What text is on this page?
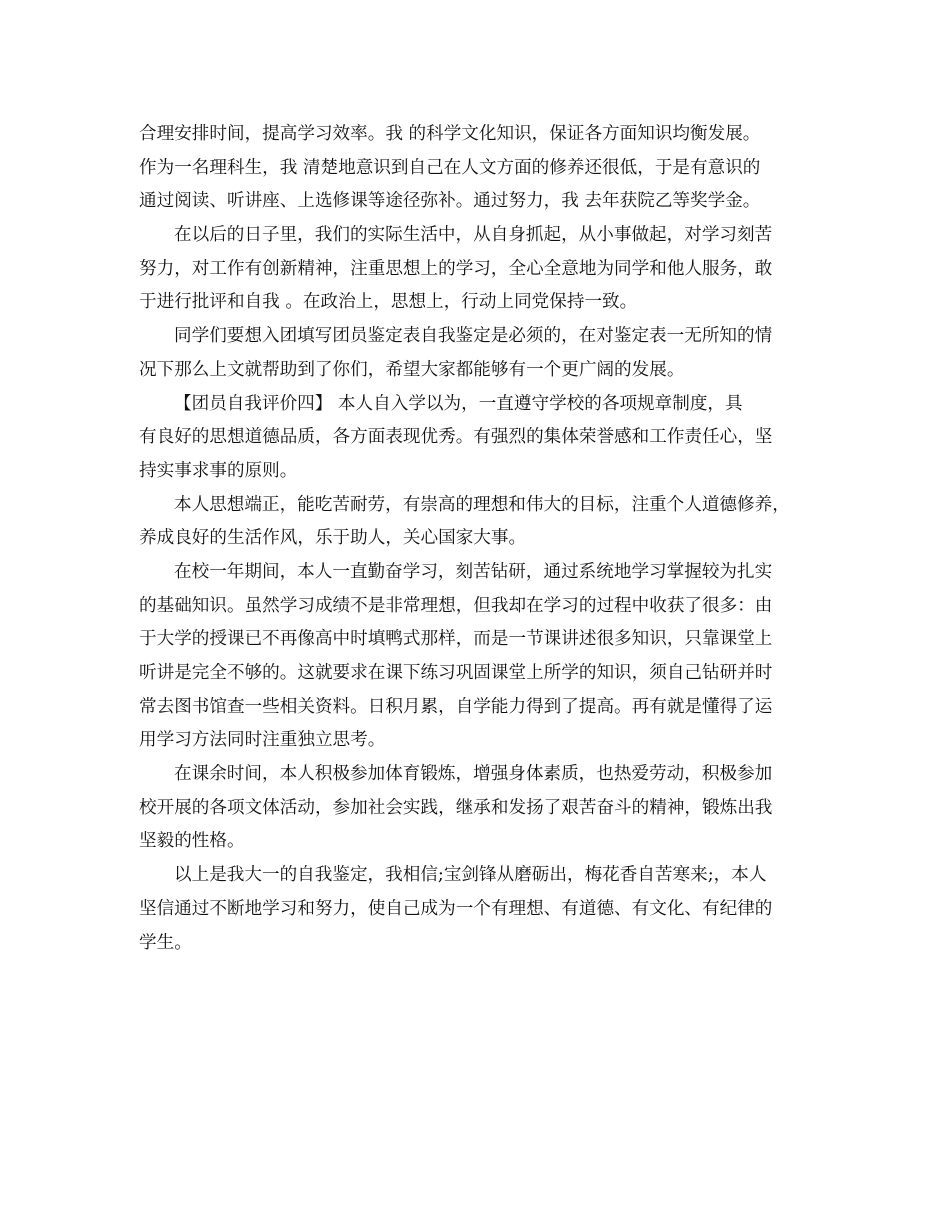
合理安排时间，提高学习效率。我 的科学文化知识，保证各方面知识均衡发展。
作为一名理科生，我 清楚地意识到自己在人文方面的修养还很低，于是有意识的
通过阅读、听讲座、上选修课等途径弥补。通过努力，我 去年获院乙等奖学金。
在以后的日子里，我们的实际生活中，从自身抓起，从小事做起，对学习刻苦
努力，对工作有创新精神，注重思想上的学习，全心全意地为同学和他人服务，敢
于进行批评和自我 。在政治上，思想上，行动上同党保持一致。
同学们要想入团填写团员鉴定表自我鉴定是必须的，在对鉴定表一无所知的情
况下那么上文就帮助到了你们，希望大家都能够有一个更广阔的发展。
【团员自我评价四】 本人自入学以为，一直遵守学校的各项规章制度，具
有良好的思想道德品质，各方面表现优秀。有强烈的集体荣誉感和工作责任心，坚
持实事求事的原则。
本人思想端正，能吃苦耐劳，有崇高的理想和伟大的目标，注重个人道德修养，
养成良好的生活作风，乐于助人，关心国家大事。
在校一年期间，本人一直勤奋学习，刻苦钻研，通过系统地学习掌握较为扎实
的基础知识。虽然学习成绩不是非常理想，但我却在学习的过程中收获了很多：由
于大学的授课已不再像高中时填鸭式那样，而是一节课讲述很多知识，只靠课堂上
听讲是完全不够的。这就要求在课下练习巩固课堂上所学的知识，须自己钻研并时
常去图书馆查一些相关资料。日积月累，自学能力得到了提高。再有就是懂得了运
用学习方法同时注重独立思考。
在课余时间，本人积极参加体育锻炼，增强身体素质，也热爱劳动，积极参加
校开展的各项文体活动，参加社会实践，继承和发扬了艰苦奋斗的精神，锻炼出我
坚毅的性格。
以上是我大一的自我鉴定，我相信;宝剑锋从磨砺出，梅花香自苦寒来;，本人
坚信通过不断地学习和努力，使自己成为一个有理想、有道德、有文化、有纪律的
学生。
